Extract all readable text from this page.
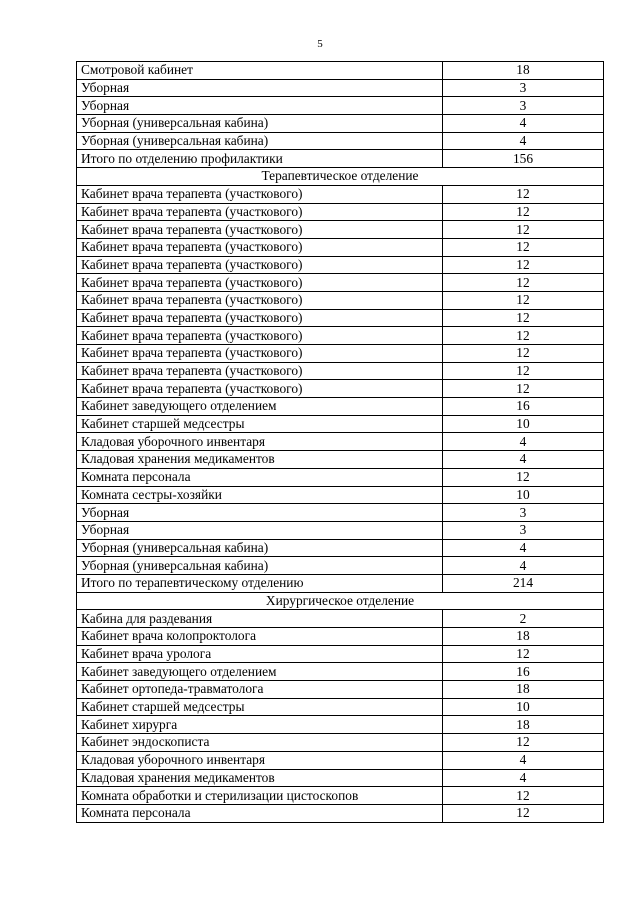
5
Смотровой кабинет	18
Уборная	3
Уборная	3
Уборная (универсальная кабина)	4
Уборная (универсальная кабина)	4
Итого по отделению профилактики	156
Терапевтическое отделение	
Кабинет врача терапевта (участкового)	12
Кабинет врача терапевта (участкового)	12
Кабинет врача терапевта (участкового)	12
Кабинет врача терапевта (участкового)	12
Кабинет врача терапевта (участкового)	12
Кабинет врача терапевта (участкового)	12
Кабинет врача терапевта (участкового)	12
Кабинет врача терапевта (участкового)	12
Кабинет врача терапевта (участкового)	12
Кабинет врача терапевта (участкового)	12
Кабинет врача терапевта (участкового)	12
Кабинет врача терапевта (участкового)	12
Кабинет заведующего отделением	16
Кабинет старшей медсестры	10
Кладовая уборочного инвентаря	4
Кладовая хранения медикаментов	4
Комната персонала	12
Комната сестры-хозяйки	10
Уборная	3
Уборная	3
Уборная (универсальная кабина)	4
Уборная (универсальная кабина)	4
Итого по терапевтическому отделению	214
Хирургическое отделение	
Кабина для раздевания	2
Кабинет врача колопроктолога	18
Кабинет врача уролога	12
Кабинет заведующего отделением	16
Кабинет ортопеда-травматолога	18
Кабинет старшей медсестры	10
Кабинет хирурга	18
Кабинет эндоскописта	12
Кладовая уборочного инвентаря	4
Кладовая хранения медикаментов	4
Комната обработки и стерилизации цистоскопов	12
Комната персонала	12
